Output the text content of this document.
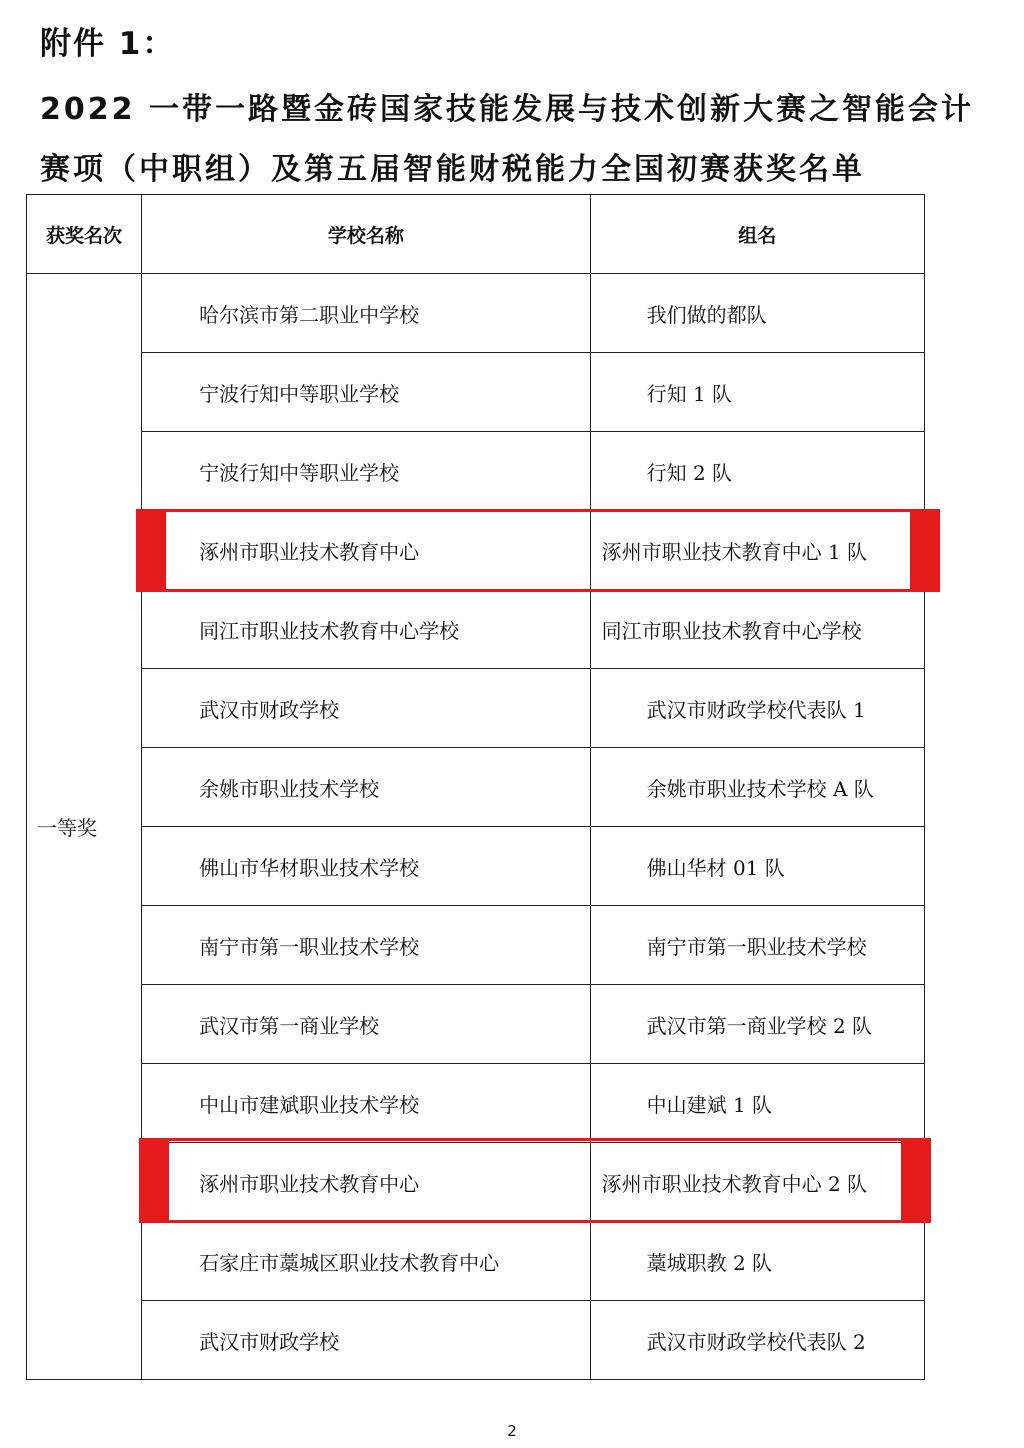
附件 1：
2022 一带一路暨金砖国家技能发展与技术创新大赛之智能会计
赛项（中职组）及第五届智能财税能力全国初赛获奖名单
获奖名次	学校名称	组名
一等奖	哈尔滨市第二职业中学校	我们做的都队
	宁波行知中等职业学校	行知 1 队
	宁波行知中等职业学校	行知 2 队
	涿州市职业技术教育中心	涿州市职业技术教育中心 1 队
	同江市职业技术教育中心学校	同江市职业技术教育中心学校
	武汉市财政学校	武汉市财政学校代表队 1
	余姚市职业技术学校	余姚市职业技术学校 A 队
	佛山市华材职业技术学校	佛山华材 01 队
	南宁市第一职业技术学校	南宁市第一职业技术学校
	武汉市第一商业学校	武汉市第一商业学校 2 队
	中山市建斌职业技术学校	中山建斌 1 队
	涿州市职业技术教育中心	涿州市职业技术教育中心 2 队
	石家庄市藁城区职业技术教育中心	藁城职教 2 队
	武汉市财政学校	武汉市财政学校代表队 2
2
